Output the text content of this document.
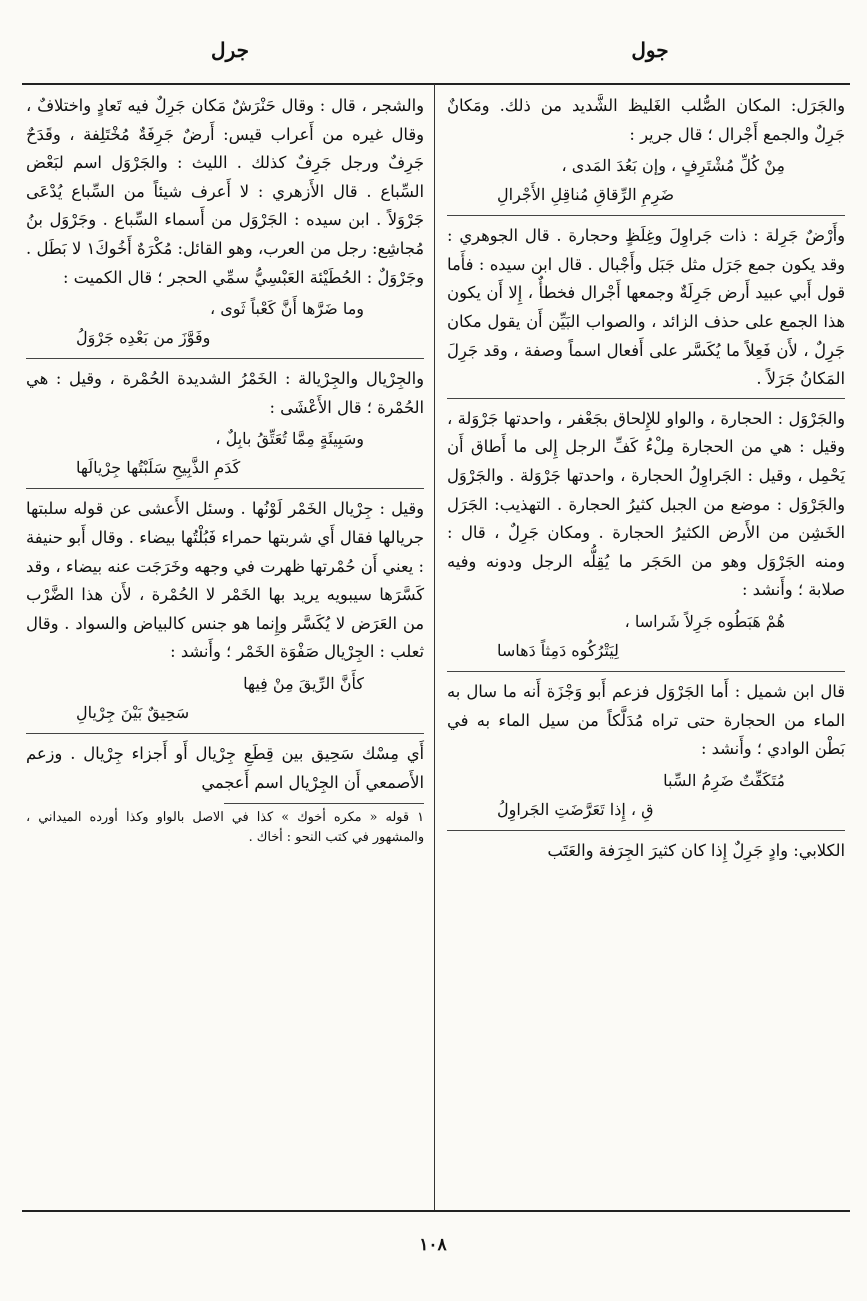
جول
جرل

والجَرَل: المكان الصُّلب الغَليظ الشَّديد من ذلك. ومَكانٌ جَرِلٌ والجمع أَجْرال ؛ قال جرير :

مِنْ كُلِّ مُشْتَرِفٍ ، وإن بَعُدَ المَدى ،
ضَرِمِ الرِّقاقِ مُناقِلِ الأَجْرالِ

وأَرْضٌ جَرِلة : ذات جَراوِلَ وغِلَظٍ وحجارة . قال الجوهري : وقد يكون جمع جَرَل مثل جَبَل وأَجْبال . قال ابن سيده : فأَما قول أَبي عبيد أَرض جَرِلَةٌ وجمعها أَجْرال فخطأٌ ، إِلا أَن يكون هذا الجمع على حذف الزائد ، والصواب البَيِّن أَن يقول مكان جَرِلٌ ، لأَن فَعِلاً ما يُكَسَّر على أَفعال اسماً وصفة ، وقد جَرِلَ المَكانُ جَرَلاً .

والجَرْوَل : الحجارة ، والواو للإِلحاق بجَعْفر ، واحدتها جَرْوَلة ، وقيل : هي من الحجارة مِلْءُ كَفِّ الرجل إِلى ما أَطاق أَن يَحْمِل ، وقيل : الجَراوِلُ الحجارة ، واحدتها جَرْوَلة . والجَرْوَل والجَرْوَل : موضع من الجبل كثيرُ الحجارة . التهذيب: الجَرَل الخَشِن من الأَرض الكثيرُ الحجارة . ومكان جَرِلٌ ، قال : ومنه الجَرْوَل وهو من الحَجَر ما يُقِلُّه الرجل ودونه وفيه صلابة ؛ وأَنشد :

هُمْ هَبَطُوه جَرِلاً شَراسا ،
لِيَتْرُكُوه دَمِثاً دَهاسا

قال ابن شميل : أَما الجَرْوَل فزعم أَبو وَجْزَة أَنه ما سال به الماء من الحجارة حتى تراه مُدَلَّكاً من سيل الماء به في بَطْن الوادي ؛ وأَنشد :

مُتَكَفِّتٌ ضَرِمُ السِّبا
قِ ، إِذا تَعَرَّضَتِ الجَراوِلُ

الكلابي: وادٍ جَرِلٌ إِذا كان كثيرَ الجِرَفة والعَتَب

والشجر ، قال : وقال حَنْرَشٌ مَكان جَرِلٌ فيه تَعادٍ واختلافٌ ، وقال غيره من أَعراب قيس: أَرضٌ جَرِفَةٌ مُخْتَلِفة ، وقَدَحٌ جَرِفٌ ورجل جَرِفٌ كذلك . الليث : والجَرْوَل اسم لبَعْض السِّباع . قال الأَزهري : لا أَعرف شيئاً من السِّباع يُدْعَى جَرْوَلاً . ابن سيده : الجَرْوَل من أَسماء السِّباع . وجَرْوَل بنُ مُجاشِع: رجل من العرب، وهو القائل: مُكْرَهٌ أَخُوكَ١ لا بَطَل . وجَرْوَلٌ : الحُطَيْئة العَبْسِيُّ سمِّي الحجر ؛ قال الكميت :

وما ضَرَّها أَنَّ كَعْباً ثَوى ،
وفَوَّزَ من بَعْدِه جَرْوَلُ

والجِرْيال والجِرْيالة : الخَمْرُ الشديدة الحُمْرة ، وقيل : هي الحُمْرة ؛ قال الأَعْشَى :

وسَبِيئَةٍ مِمَّا تُعَتِّقُ بابِلٌ ،
كَدَمِ الذَّبِيحِ سَلَبْتُها جِرْيالَها

وقيل : جِرْيال الخَمْر لَوْنُها . وسئل الأَعشى عن قوله سلبتها جريالها فقال أَي شربتها حمراء فَبُلْتُها بيضاء . وقال أَبو حنيفة : يعني أَن حُمْرتها ظهرت في وجهه وخَرَجَت عنه بيضاء ، وقد كَسَّرَها سيبويه يريد بها الخَمْر لا الحُمْرة ، لأَن هذا الضَّرْب من العَرَض لا يُكَسَّر وإِنما هو جنس كالبياض والسواد . وقال ثعلب : الجِرْيال صَفْوَة الخَمْر ؛ وأَنشد :

كأَنَّ الرِّيقَ مِنْ فِيها
سَحِيقٌ بَيْنَ جِرْيالِ

أَي مِسْك سَحِيق بين قِطَعِ جِرْيال أَو أَجزاء جِرْيال . وزعم الأَصمعي أَن الجِرْيال اسم أَعجمي

١ قوله « مكره أخوك » كذا في الاصل بالواو وكذا أورده الميداني ، والمشهور في كتب النحو : أخاك .

١٠٨
